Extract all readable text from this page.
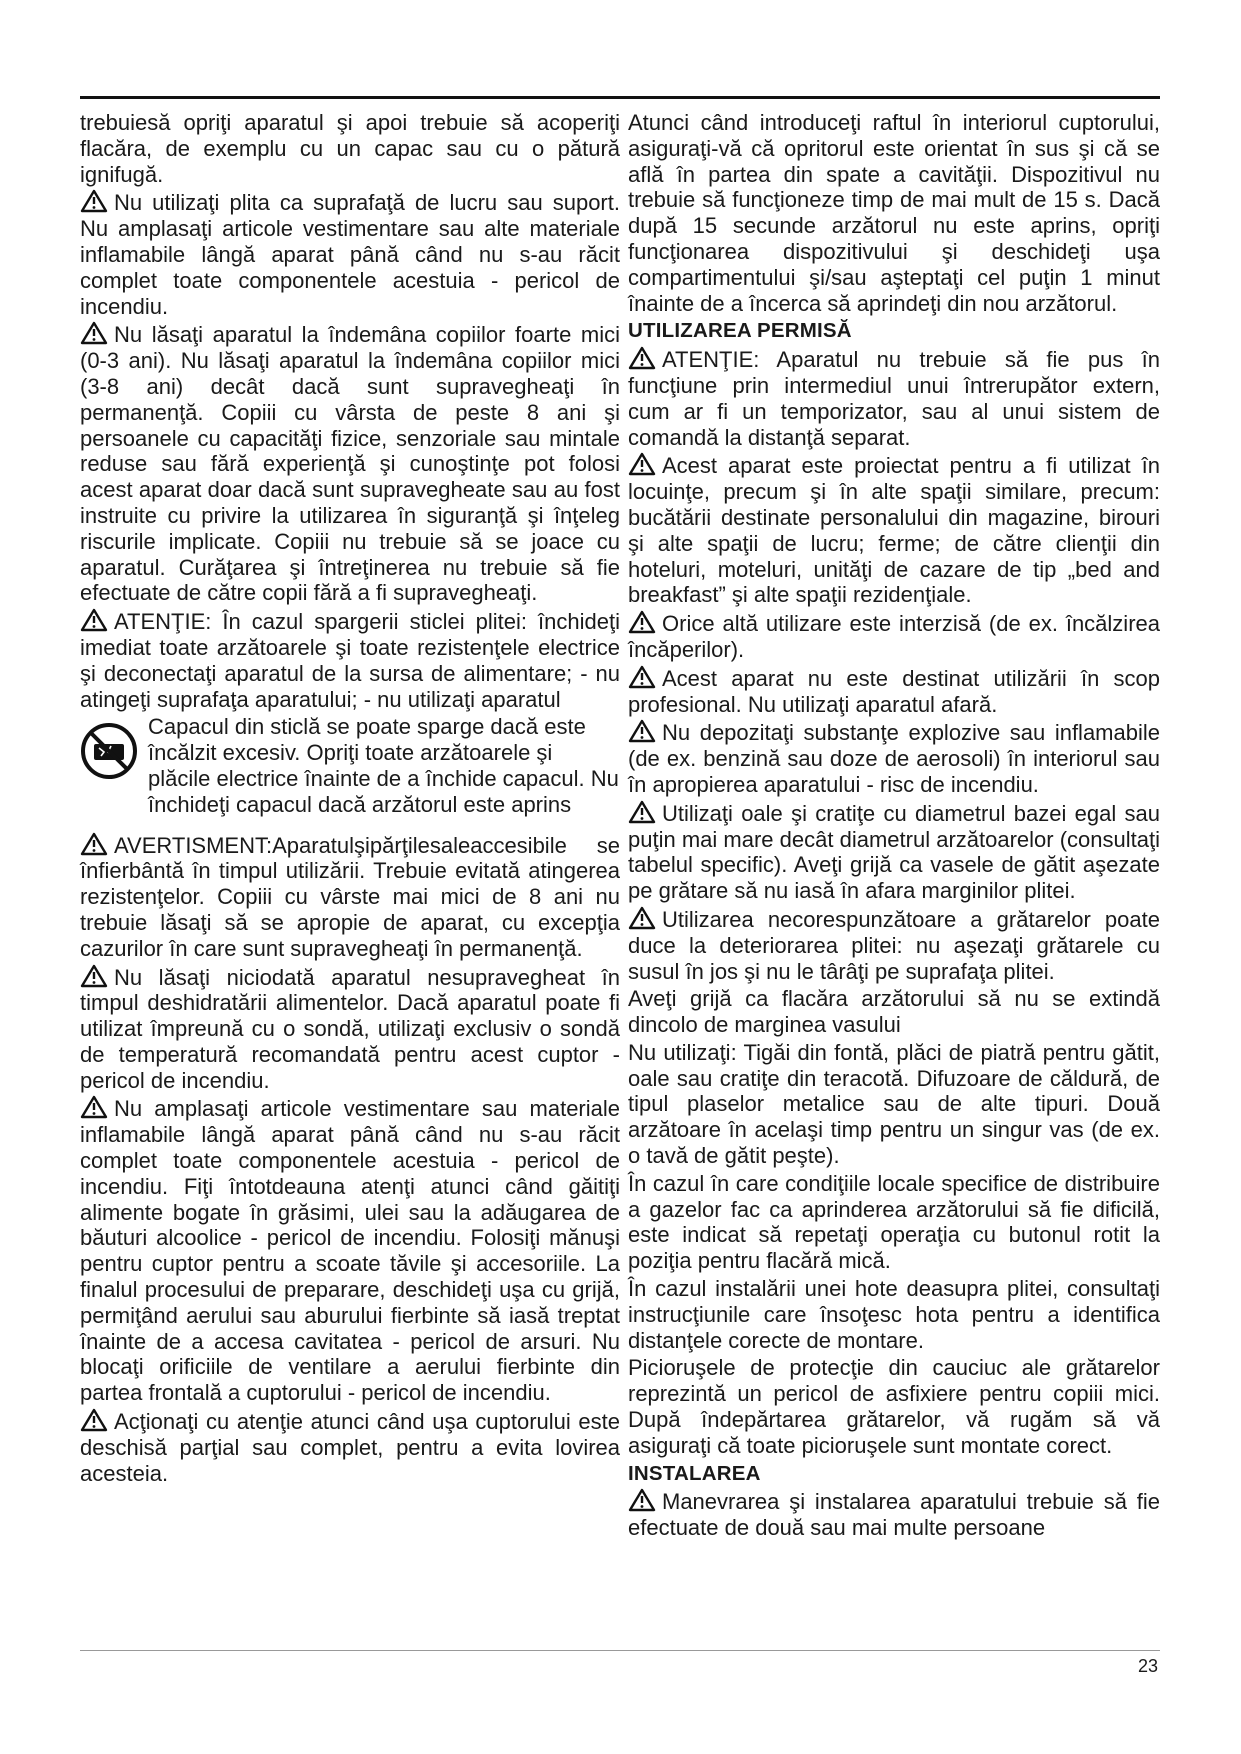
trebuiesă opriţi aparatul şi apoi trebuie să acoperiţi flacăra, de exemplu cu un capac sau cu o pătură ignifugă.

Nu utilizaţi plita ca suprafaţă de lucru sau suport. Nu amplasaţi articole vestimentare sau alte materiale inflamabile lângă aparat până când nu s-au răcit complet toate componentele acestuia - pericol de incendiu.

Nu lăsaţi aparatul la îndemâna copiilor foarte mici (0-3 ani). Nu lăsaţi aparatul la îndemâna copiilor mici (3-8 ani) decât dacă sunt supravegheaţi în permanenţă. Copiii cu vârsta de peste 8 ani şi persoanele cu capacităţi fizice, senzoriale sau mintale reduse sau fără experienţă şi cunoştinţe pot folosi acest aparat doar dacă sunt supravegheate sau au fost instruite cu privire la utilizarea în siguranţă şi înţeleg riscurile implicate. Copiii nu trebuie să se joace cu aparatul. Curăţarea şi întreţinerea nu trebuie să fie efectuate de către copii fără a fi supravegheaţi.

ATENŢIE: În cazul spargerii sticlei plitei: închideţi imediat toate arzătoarele şi toate rezistenţele electrice şi deconectaţi aparatul de la sursa de alimentare; - nu atingeţi suprafaţa aparatului; - nu utilizaţi aparatul

Capacul din sticlă se poate sparge dacă este încălzit excesiv. Opriţi toate arzătoarele şi plăcile electrice înainte de a închide capacul. Nu închideţi capacul dacă arzătorul este aprins

AVERTISMENT:Aparatulşipărţilesaleaccesibile se înfierbântă în timpul utilizării. Trebuie evitată atingerea rezistenţelor. Copiii cu vârste mai mici de 8 ani nu trebuie lăsaţi să se apropie de aparat, cu excepţia cazurilor în care sunt supravegheaţi în permanenţă.

Nu lăsaţi niciodată aparatul nesupravegheat în timpul deshidratării alimentelor. Dacă aparatul poate fi utilizat împreună cu o sondă, utilizaţi exclusiv o sondă de temperatură recomandată pentru acest cuptor - pericol de incendiu.

Nu amplasaţi articole vestimentare sau materiale inflamabile lângă aparat până când nu s-au răcit complet toate componentele acestuia - pericol de incendiu. Fiţi întotdeauna atenţi atunci când găitiţi alimente bogate în grăsimi, ulei sau la adăugarea de băuturi alcoolice - pericol de incendiu. Folosiţi mănuşi pentru cuptor pentru a scoate tăvile şi accesoriile. La finalul procesului de preparare, deschideţi uşa cu grijă, permiţând aerului sau aburului fierbinte să iasă treptat înainte de a accesa cavitatea - pericol de arsuri. Nu blocaţi orificiile de ventilare a aerului fierbinte din partea frontală a cuptorului - pericol de incendiu.

Acţionaţi cu atenţie atunci când uşa cuptorului este deschisă parţial sau complet, pentru a evita lovirea acesteia.

Atunci când introduceţi raftul în interiorul cuptorului, asiguraţi-vă că opritorul este orientat în sus şi că se află în partea din spate a cavităţii. Dispozitivul nu trebuie să funcţioneze timp de mai mult de 15 s. Dacă după 15 secunde arzătorul nu este aprins, opriţi funcţionarea dispozitivului şi deschideţi uşa compartimentului şi/sau aşteptaţi cel puţin 1 minut înainte de a încerca să aprindeţi din nou arzătorul.

UTILIZAREA PERMISĂ

ATENŢIE: Aparatul nu trebuie să fie pus în funcţiune prin intermediul unui întrerupător extern, cum ar fi un temporizator, sau al unui sistem de comandă la distanţă separat.

Acest aparat este proiectat pentru a fi utilizat în locuinţe, precum şi în alte spaţii similare, precum: bucătării destinate personalului din magazine, birouri şi alte spaţii de lucru; ferme; de către clienţii din hoteluri, moteluri, unităţi de cazare de tip „bed and breakfast” şi alte spaţii rezidenţiale.

Orice altă utilizare este interzisă (de ex. încălzirea încăperilor).

Acest aparat nu este destinat utilizării în scop profesional. Nu utilizaţi aparatul afară.

Nu depozitaţi substanţe explozive sau inflamabile (de ex. benzină sau doze de aerosoli) în interiorul sau în apropierea aparatului - risc de incendiu.

Utilizaţi oale şi cratiţe cu diametrul bazei egal sau puţin mai mare decât diametrul arzătoarelor (consultaţi tabelul specific). Aveţi grijă ca vasele de gătit aşezate pe grătare să nu iasă în afara marginilor plitei.

Utilizarea necorespunzătoare a grătarelor poate duce la deteriorarea plitei: nu aşezaţi grătarele cu susul în jos şi nu le târâţi pe suprafaţa plitei.

Aveţi grijă ca flacăra arzătorului să nu se extindă dincolo de marginea vasului

Nu utilizaţi: Tigăi din fontă, plăci de piatră pentru gătit, oale sau cratiţe din teracotă. Difuzoare de căldură, de tipul plaselor metalice sau de alte tipuri. Două arzătoare în acelaşi timp pentru un singur vas (de ex. o tavă de gătit peşte).

În cazul în care condiţiile locale specifice de distribuire a gazelor fac ca aprinderea arzătorului să fie dificilă, este indicat să repetaţi operaţia cu butonul rotit la poziţia pentru flacără mică.

În cazul instalării unei hote deasupra plitei, consultaţi instrucţiunile care însoţesc hota pentru a identifica distanţele corecte de montare.

Picioruşele de protecţie din cauciuc ale grătarelor reprezintă un pericol de asfixiere pentru copiii mici. După îndepărtarea grătarelor, vă rugăm să vă asiguraţi că toate picioruşele sunt montate corect.

INSTALAREA

Manevrarea şi instalarea aparatului trebuie să fie efectuate de două sau mai multe persoane

23
